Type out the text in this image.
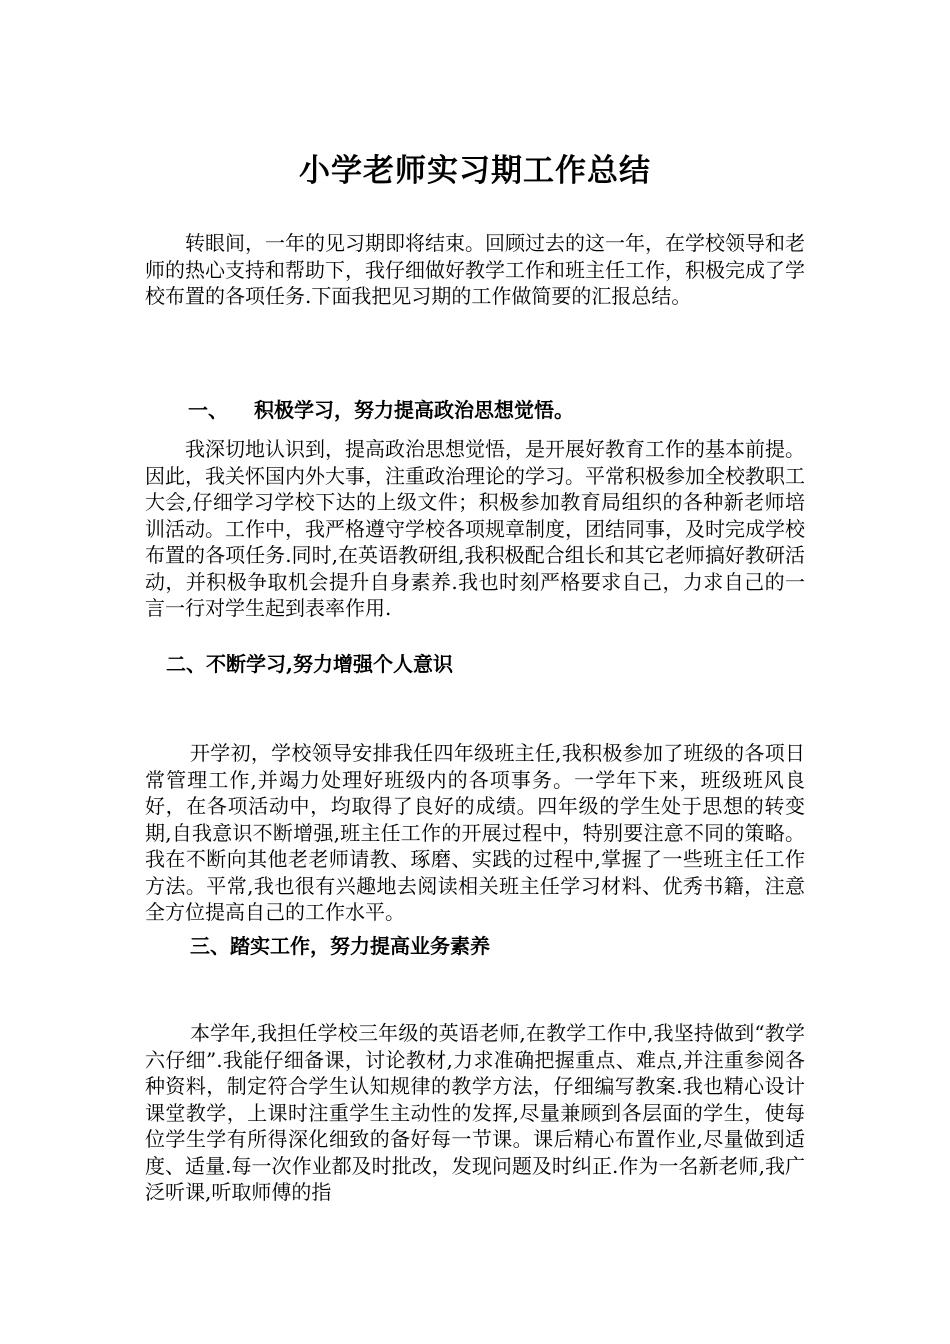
小学老师实习期工作总结

转眼间，一年的见习期即将结束。回顾过去的这一年，在学校领导和老师的热心支持和帮助下，我仔细做好教学工作和班主任工作，积极完成了学校布置的各项任务.下面我把见习期的工作做简要的汇报总结。

一、 积极学习，努力提高政治思想觉悟。

我深切地认识到，提高政治思想觉悟，是开展好教育工作的基本前提。因此，我关怀国内外大事，注重政治理论的学习。平常积极参加全校教职工大会,仔细学习学校下达的上级文件；积极参加教育局组织的各种新老师培训活动。工作中，我严格遵守学校各项规章制度，团结同事，及时完成学校布置的各项任务.同时,在英语教研组,我积极配合组长和其它老师搞好教研活动，并积极争取机会提升自身素养.我也时刻严格要求自己，力求自己的一言一行对学生起到表率作用.

二、不断学习,努力增强个人意识

开学初，学校领导安排我任四年级班主任,我积极参加了班级的各项日常管理工作,并竭力处理好班级内的各项事务。一学年下来，班级班风良好，在各项活动中，均取得了良好的成绩。四年级的学生处于思想的转变期,自我意识不断增强,班主任工作的开展过程中，特别要注意不同的策略。我在不断向其他老老师请教、琢磨、实践的过程中,掌握了一些班主任工作方法。平常,我也很有兴趣地去阅读相关班主任学习材料、优秀书籍，注意全方位提高自己的工作水平。

三、踏实工作，努力提高业务素养

本学年,我担任学校三年级的英语老师,在教学工作中,我坚持做到“教学六仔细”.我能仔细备课，讨论教材,力求准确把握重点、难点,并注重参阅各种资料，制定符合学生认知规律的教学方法，仔细编写教案.我也精心设计课堂教学，上课时注重学生主动性的发挥,尽量兼顾到各层面的学生，使每位学生学有所得深化细致的备好每一节课。课后精心布置作业,尽量做到适度、适量.每一次作业都及时批改，发现问题及时纠正.作为一名新老师,我广泛听课,听取师傅的指
